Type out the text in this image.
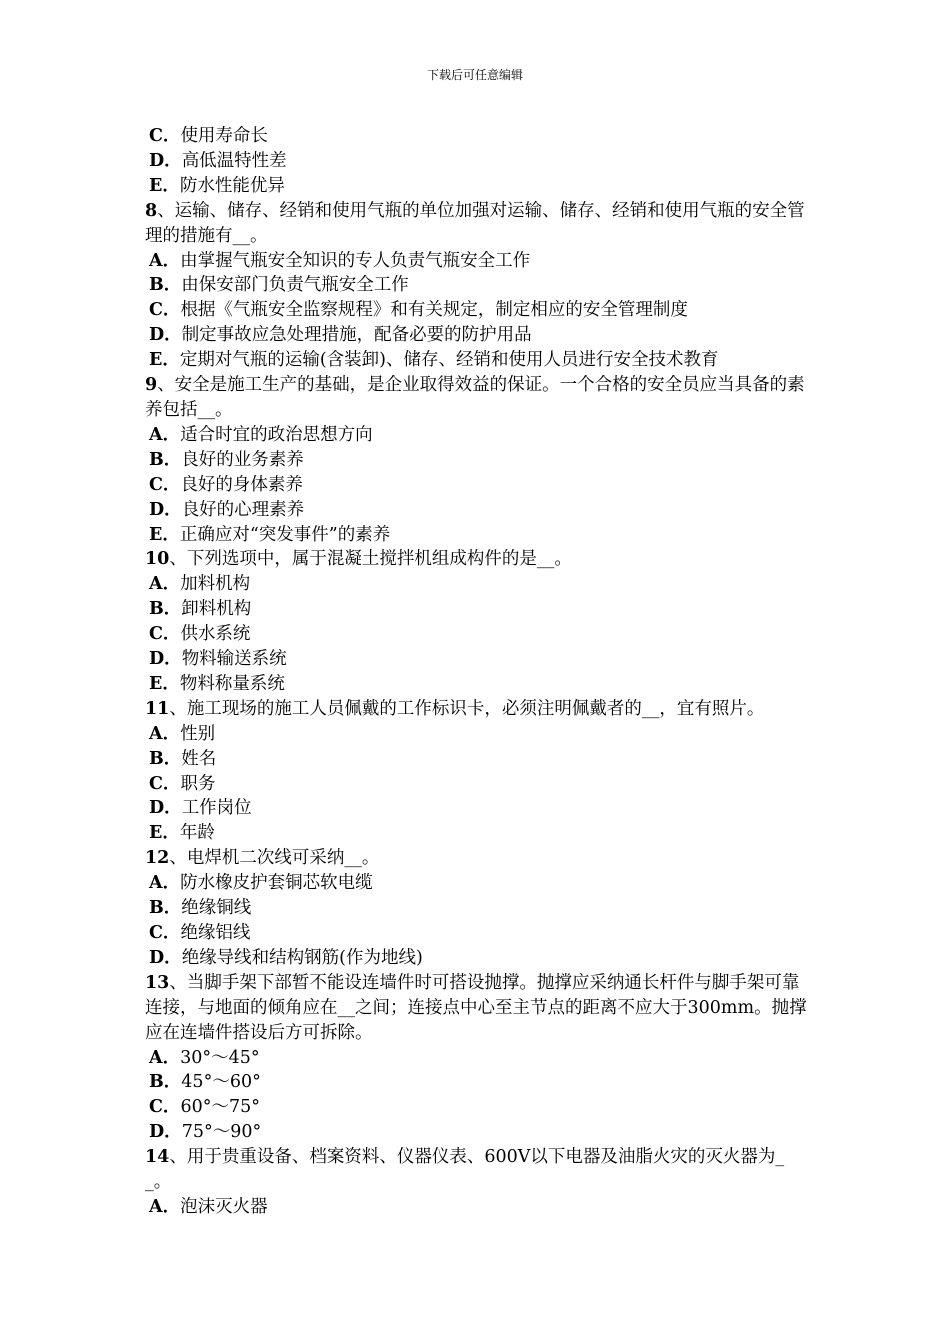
下载后可任意编辑
C．使用寿命长
D．高低温特性差
E．防水性能优异
8、运输、储存、经销和使用气瓶的单位加强对运输、储存、经销和使用气瓶的安全管理的措施有__。
A．由掌握气瓶安全知识的专人负责气瓶安全工作
B．由保安部门负责气瓶安全工作
C．根据《气瓶安全监察规程》和有关规定，制定相应的安全管理制度
D．制定事故应急处理措施，配备必要的防护用品
E．定期对气瓶的运输(含装卸)、储存、经销和使用人员进行安全技术教育
9、安全是施工生产的基础，是企业取得效益的保证。一个合格的安全员应当具备的素养包括__。
A．适合时宜的政治思想方向
B．良好的业务素养
C．良好的身体素养
D．良好的心理素养
E．正确应对“突发事件”的素养
10、下列选项中，属于混凝土搅拌机组成构件的是__。
A．加料机构
B．卸料机构
C．供水系统
D．物料输送系统
E．物料称量系统
11、施工现场的施工人员佩戴的工作标识卡，必须注明佩戴者的__，宜有照片。
A．性别
B．姓名
C．职务
D．工作岗位
E．年龄
12、电焊机二次线可采纳__。
A．防水橡皮护套铜芯软电缆
B．绝缘铜线
C．绝缘铝线
D．绝缘导线和结构钢筋(作为地线)
13、当脚手架下部暂不能设连墙件时可搭设抛撑。抛撑应采纳通长杆件与脚手架可靠连接，与地面的倾角应在__之间；连接点中心至主节点的距离不应大于300mm。抛撑应在连墙件搭设后方可拆除。
A．30°～45°
B．45°～60°
C．60°～75°
D．75°～90°
14、用于贵重设备、档案资料、仪器仪表、600V以下电器及油脂火灾的灭火器为__。
A．泡沫灭火器
